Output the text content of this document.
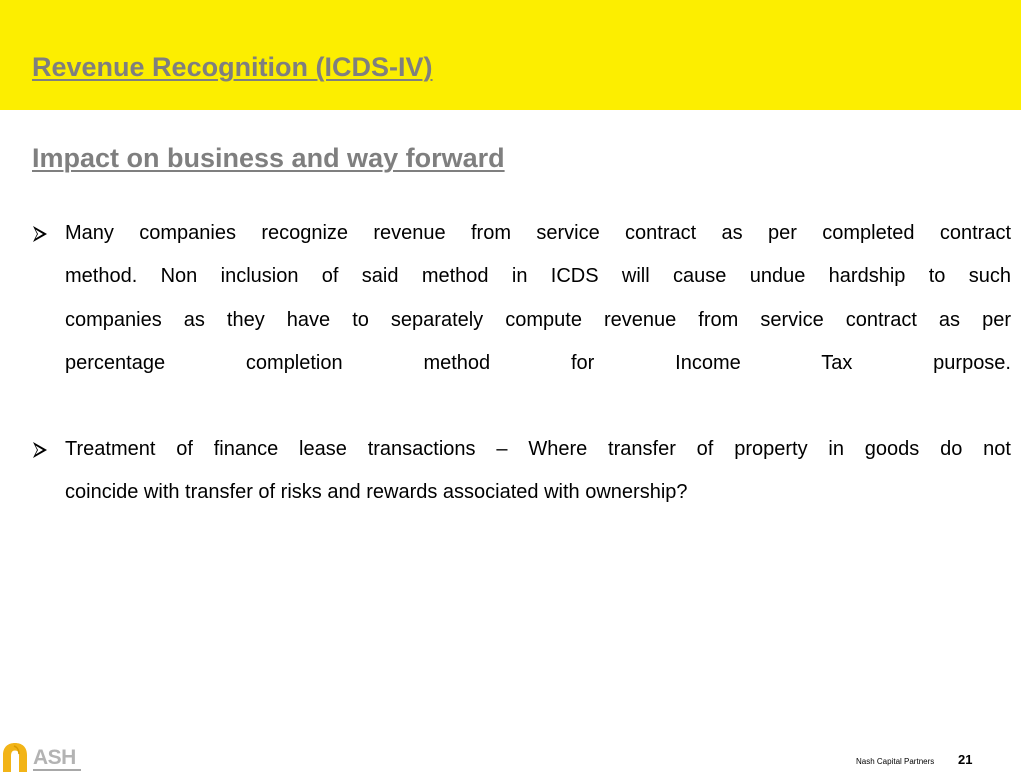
Revenue Recognition (ICDS-IV)
Impact on business and way forward
Many companies recognize revenue from service contract as per completed contract
method. Non inclusion of said method in ICDS will cause undue hardship to such
companies as they have to separately compute revenue from service contract as per
percentage completion method for Income Tax purpose.
Treatment of finance lease transactions – Where transfer of property in goods do not
coincide with transfer of risks and rewards associated with ownership?
ASH	Nash Capital Partners 21
